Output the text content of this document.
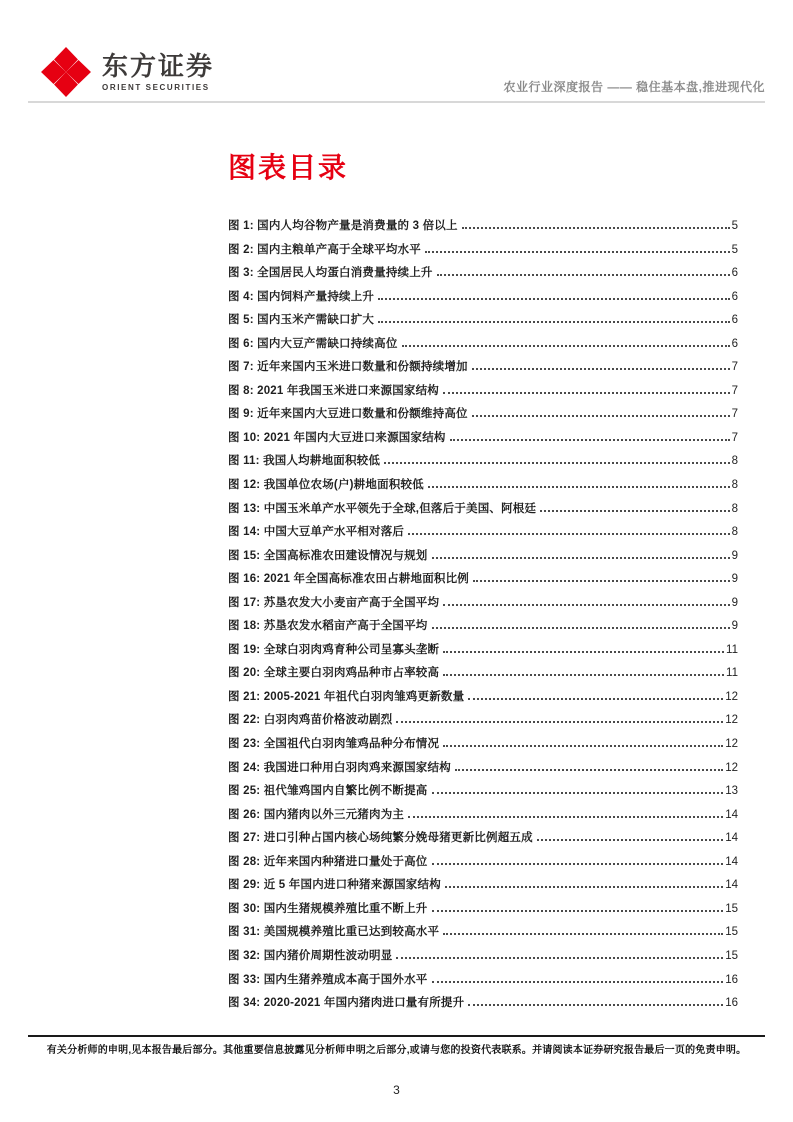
东方证券
ORIENT SECURITIES	农业行业深度报告 —— 稳住基本盘,推进现代化
图表目录
图 1: 国内人均谷物产量是消费量的 3 倍以上	5
图 2: 国内主粮单产高于全球平均水平	5
图 3: 全国居民人均蛋白消费量持续上升	6
图 4: 国内饲料产量持续上升	6
图 5: 国内玉米产需缺口扩大	6
图 6: 国内大豆产需缺口持续高位	6
图 7: 近年来国内玉米进口数量和份额持续增加	7
图 8: 2021 年我国玉米进口来源国家结构	7
图 9: 近年来国内大豆进口数量和份额维持高位	7
图 10: 2021 年国内大豆进口来源国家结构	7
图 11: 我国人均耕地面积较低	8
图 12: 我国单位农场(户)耕地面积较低	8
图 13: 中国玉米单产水平领先于全球,但落后于美国、阿根廷	8
图 14: 中国大豆单产水平相对落后	8
图 15: 全国高标准农田建设情况与规划	9
图 16: 2021 年全国高标准农田占耕地面积比例	9
图 17: 苏垦农发大小麦亩产高于全国平均	9
图 18: 苏垦农发水稻亩产高于全国平均	9
图 19: 全球白羽肉鸡育种公司呈寡头垄断	11
图 20: 全球主要白羽肉鸡品种市占率较高	11
图 21: 2005-2021 年祖代白羽肉雏鸡更新数量	12
图 22: 白羽肉鸡苗价格波动剧烈	12
图 23: 全国祖代白羽肉雏鸡品种分布情况	12
图 24: 我国进口种用白羽肉鸡来源国家结构	12
图 25: 祖代雏鸡国内自繁比例不断提高	13
图 26: 国内猪肉以外三元猪肉为主	14
图 27: 进口引种占国内核心场纯繁分娩母猪更新比例超五成	14
图 28: 近年来国内种猪进口量处于高位	14
图 29: 近 5 年国内进口种猪来源国家结构	14
图 30: 国内生猪规模养殖比重不断上升	15
图 31: 美国规模养殖比重已达到较高水平	15
图 32: 国内猪价周期性波动明显	15
图 33: 国内生猪养殖成本高于国外水平	16
图 34: 2020-2021 年国内猪肉进口量有所提升	16
有关分析师的申明,见本报告最后部分。其他重要信息披露见分析师申明之后部分,或请与您的投资代表联系。并请阅读本证券研究报告最后一页的免责申明。
3
